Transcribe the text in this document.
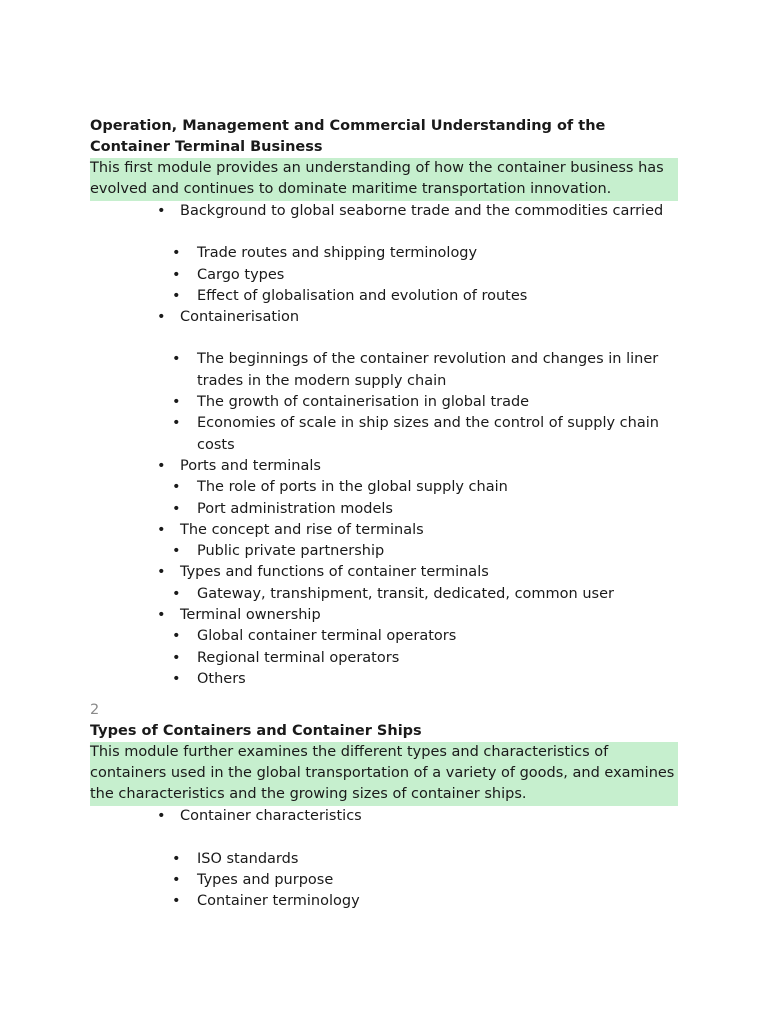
Operation, Management and Commercial Understanding of the Container Terminal Business

This first module provides an understanding of how the container business has evolved and continues to dominate maritime transportation innovation.

• Background to global seaborne trade and the commodities carried
• Trade routes and shipping terminology
• Cargo types
• Effect of globalisation and evolution of routes
• Containerisation
• The beginnings of the container revolution and changes in liner trades in the modern supply chain
• The growth of containerisation in global trade
• Economies of scale in ship sizes and the control of supply chain costs
• Ports and terminals
• The role of ports in the global supply chain
• Port administration models
• The concept and rise of terminals
• Public private partnership
• Types and functions of container terminals
• Gateway, transhipment, transit, dedicated, common user
• Terminal ownership
• Global container terminal operators
• Regional terminal operators
• Others
2

Types of Containers and Container Ships

This module further examines the different types and characteristics of containers used in the global transportation of a variety of goods, and examines the characteristics and the growing sizes of container ships.

• Container characteristics
• ISO standards
• Types and purpose
• Container terminology
